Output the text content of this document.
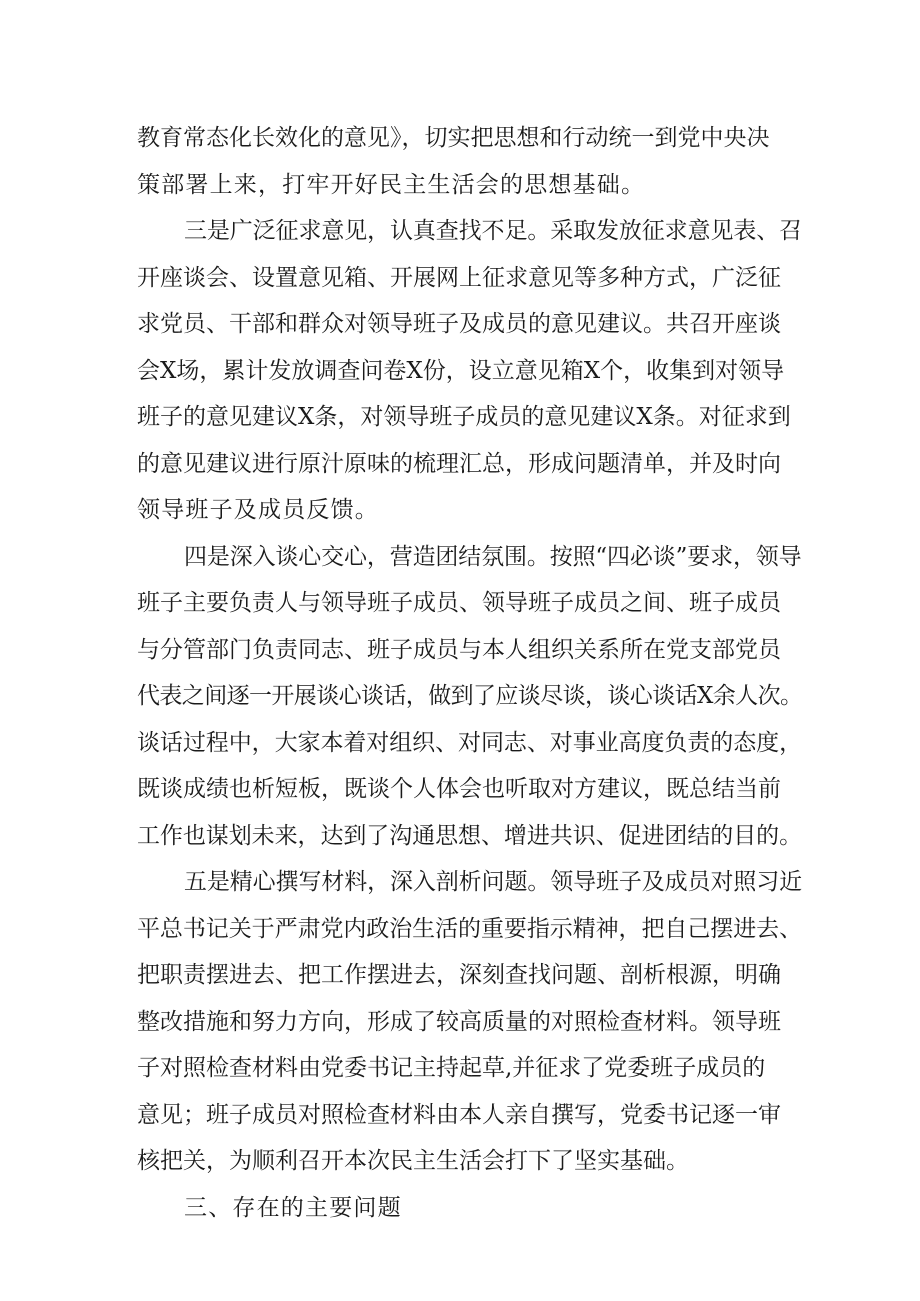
教育常态化长效化的意见》，切实把思想和行动统一到党中央决
策部署上来，打牢开好民主生活会的思想基础。
三是广泛征求意见，认真查找不足。采取发放征求意见表、召
开座谈会、设置意见箱、开展网上征求意见等多种方式，广泛征
求党员、干部和群众对领导班子及成员的意见建议。共召开座谈
会X场，累计发放调查问卷X份，设立意见箱X个，收集到对领导
班子的意见建议X条，对领导班子成员的意见建议X条。对征求到
的意见建议进行原汁原味的梳理汇总，形成问题清单，并及时向
领导班子及成员反馈。
四是深入谈心交心，营造团结氛围。按照“四必谈”要求，领导
班子主要负责人与领导班子成员、领导班子成员之间、班子成员
与分管部门负责同志、班子成员与本人组织关系所在党支部党员
代表之间逐一开展谈心谈话，做到了应谈尽谈，谈心谈话X余人次。
谈话过程中，大家本着对组织、对同志、对事业高度负责的态度，
既谈成绩也析短板，既谈个人体会也听取对方建议，既总结当前
工作也谋划未来，达到了沟通思想、增进共识、促进团结的目的。
五是精心撰写材料，深入剖析问题。领导班子及成员对照习近
平总书记关于严肃党内政治生活的重要指示精神，把自己摆进去、
把职责摆进去、把工作摆进去，深刻查找问题、剖析根源，明确
整改措施和努力方向，形成了较高质量的对照检查材料。领导班
子对照检查材料由党委书记主持起草,并征求了党委班子成员的
意见；班子成员对照检查材料由本人亲自撰写，党委书记逐一审
核把关，为顺利召开本次民主生活会打下了坚实基础。
三、存在的主要问题
